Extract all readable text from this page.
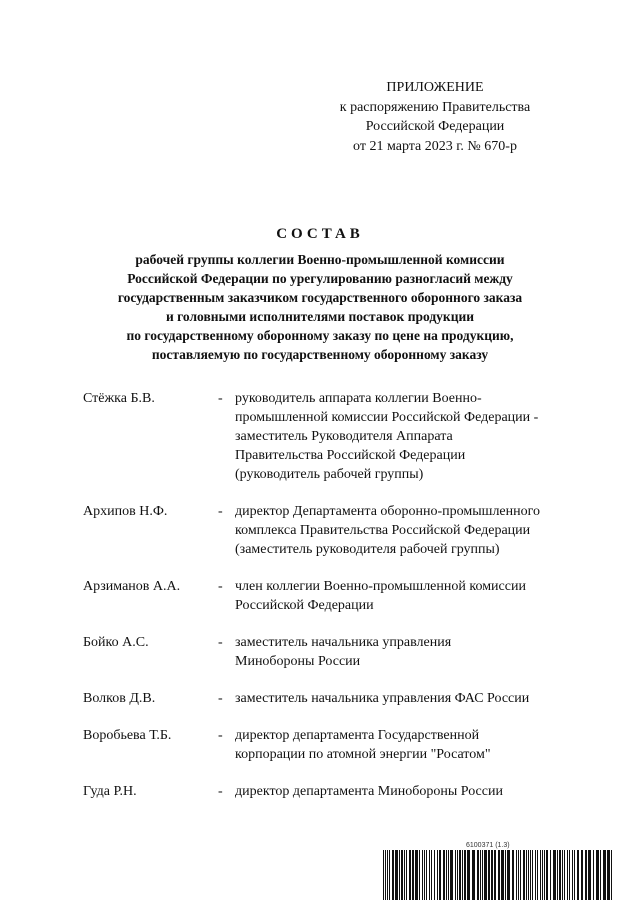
ПРИЛОЖЕНИЕ
к распоряжению Правительства
Российской Федерации
от 21 марта 2023 г. № 670-р
СОСТАВ
рабочей группы коллегии Военно-промышленной комиссии
Российской Федерации по урегулированию разногласий между
государственным заказчиком государственного оборонного заказа
и головными исполнителями поставок продукции
по государственному оборонному заказу по цене на продукцию,
поставляемую по государственному оборонному заказу
Стёжка Б.В.	- руководитель аппарата коллегии Военно-
промышленной комиссии Российской Федерации -
заместитель Руководителя Аппарата
Правительства Российской Федерации
(руководитель рабочей группы)
Архипов Н.Ф.	- директор Департамента оборонно-промышленного
комплекса Правительства Российской Федерации
(заместитель руководителя рабочей группы)
Арзиманов А.А.	- член коллегии Военно-промышленной комиссии
Российской Федерации
Бойко А.С.	- заместитель начальника управления
Минобороны России
Волков Д.В.	- заместитель начальника управления ФАС России
Воробьева Т.Б.	- директор департамента Государственной
корпорации по атомной энергии "Росатом"
Гуда Р.Н.	- директор департамента Минобороны России
6100371 (1.3)
